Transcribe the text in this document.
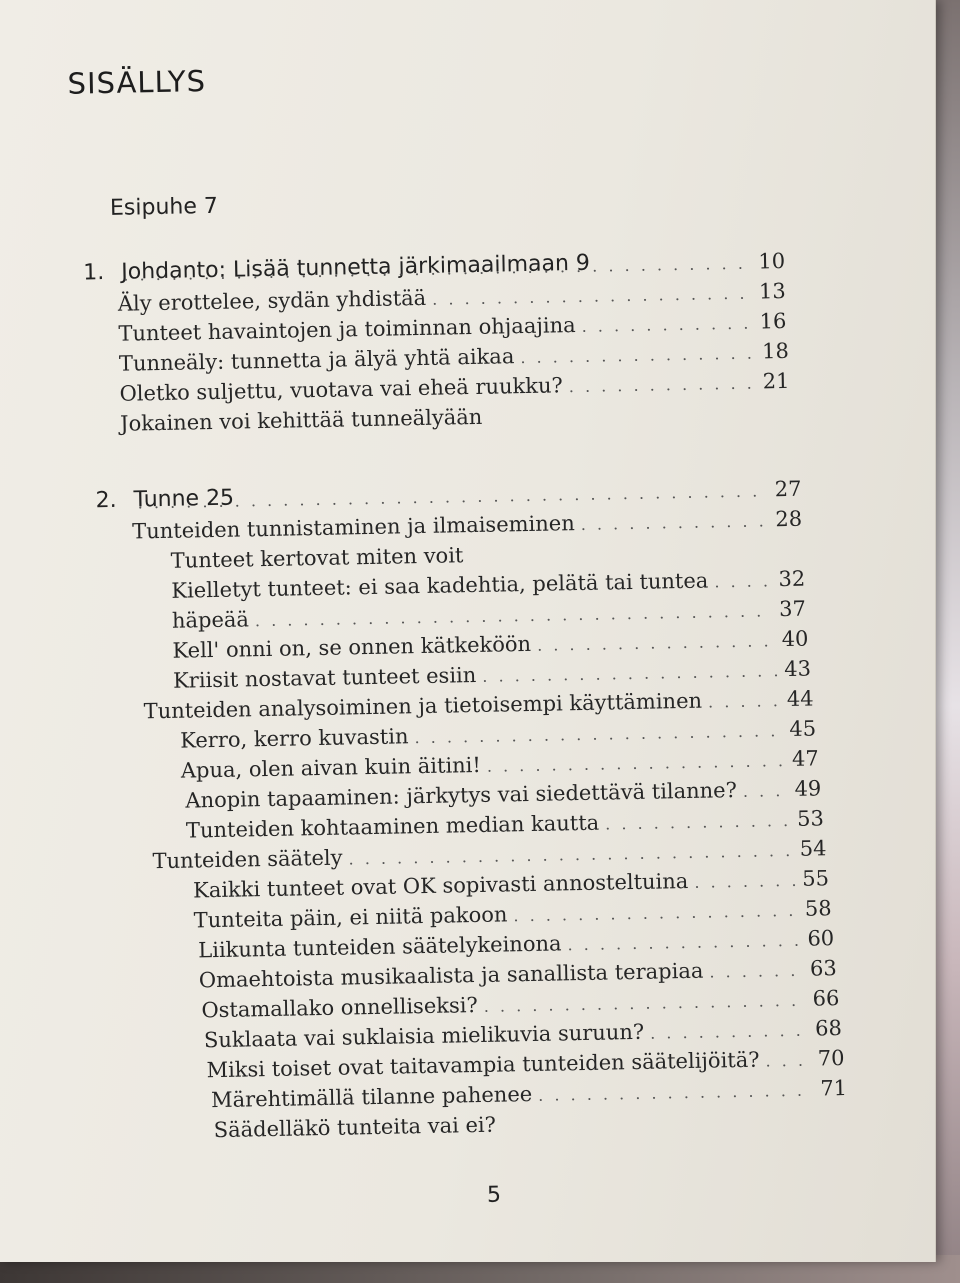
SISÄLLYS
Esipuhe 7
1. Johdanto: Lisää tunnetta järkimaailmaan 9 . . .	10
Äly erottelee, sydän yhdistää . . .	13
Tunteet havaintojen ja toiminnan ohjaajina . . .	16
Tunneäly: tunnetta ja älyä yhtä aikaa . . .	18
Oletko suljettu, vuotava vai eheä ruukku? . . .	21
Jokainen voi kehittää tunneälyään
2. Tunne 25 . . .	27
Tunteiden tunnistaminen ja ilmaiseminen . . .	28
Tunteet kertovat miten voit
Kielletyt tunteet: ei saa kadehtia, pelätä tai tuntea . . .	32
häpeää . . .	37
Kell' onni on, se onnen kätkeköön . . .	40
Kriisit nostavat tunteet esiin . . .	43
Tunteiden analysoiminen ja tietoisempi käyttäminen . . .	44
Kerro, kerro kuvastin . . .	45
Apua, olen aivan kuin äitini! . . .	47
Anopin tapaaminen: järkytys vai siedettävä tilanne? . . .	49
Tunteiden kohtaaminen median kautta . . .	53
Tunteiden säätely . . .	54
Kaikki tunteet ovat OK sopivasti annosteltuina . . .	55
Tunteita päin, ei niitä pakoon . . .	58
Liikunta tunteiden säätelykeinona . . .	60
Omaehtoista musikaalista ja sanallista terapiaa . . .	63
Ostamallako onnelliseksi? . . .	66
Suklaata vai suklaisia mielikuvia suruun? . . .	68
Miksi toiset ovat taitavampia tunteiden säätelijöitä? . . .	70
Märehtimällä tilanne pahenee . . .	71
Säädelläkö tunteita vai ei?
5
